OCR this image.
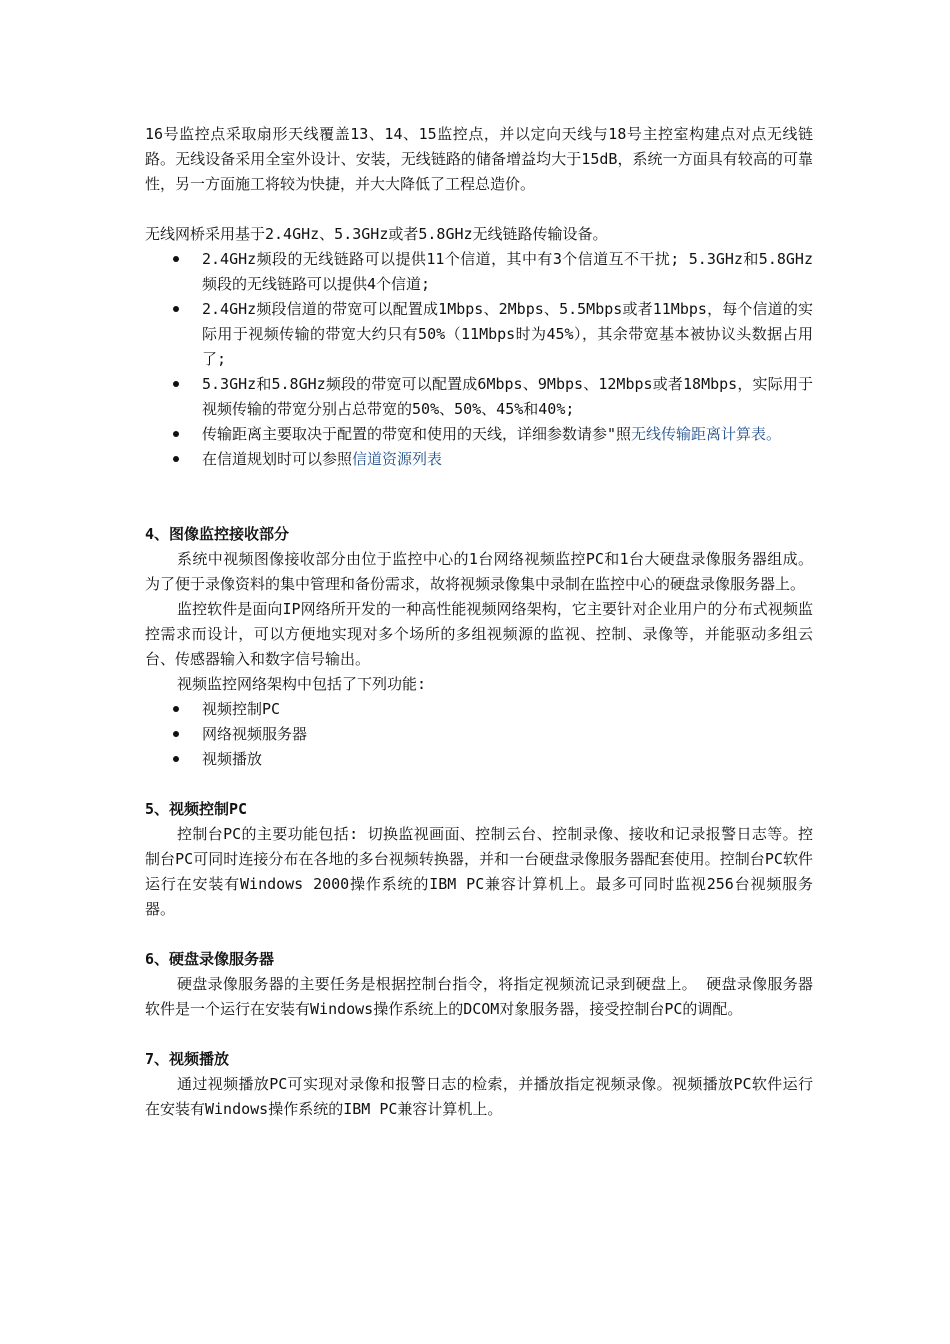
16号监控点采取扇形天线覆盖13、14、15监控点，并以定向天线与18号主控室构建点对点无线链路。无线设备采用全室外设计、安装，无线链路的储备增益均大于15dB，系统一方面具有较高的可靠性，另一方面施工将较为快捷，并大大降低了工程总造价。

无线网桥采用基于2.4GHz、5.3GHz或者5.8GHz无线链路传输设备。

2.4GHz频段的无线链路可以提供11个信道，其中有3个信道互不干扰; 5.3GHz和5.8GHz频段的无线链路可以提供4个信道;
2.4GHz频段信道的带宽可以配置成1Mbps、2Mbps、5.5Mbps或者11Mbps，每个信道的实际用于视频传输的带宽大约只有50%（11Mbps时为45%），其余带宽基本被协议头数据占用了;
5.3GHz和5.8GHz频段的带宽可以配置成6Mbps、9Mbps、12Mbps或者18Mbps，实际用于视频传输的带宽分别占总带宽的50%、50%、45%和40%;
传输距离主要取决于配置的带宽和使用的天线，详细参数请参"照无线传输距离计算表。
在信道规划时可以参照信道资源列表

4、图像监控接收部分

系统中视频图像接收部分由位于监控中心的1台网络视频监控PC和1台大硬盘录像服务器组成。为了便于录像资料的集中管理和备份需求，故将视频录像集中录制在监控中心的硬盘录像服务器上。

监控软件是面向IP网络所开发的一种高性能视频网络架构，它主要针对企业用户的分布式视频监控需求而设计，可以方便地实现对多个场所的多组视频源的监视、控制、录像等，并能驱动多组云台、传感器输入和数字信号输出。

视频监控网络架构中包括了下列功能:

视频控制PC
网络视频服务器
视频播放

5、视频控制PC

控制台PC的主要功能包括: 切换监视画面、控制云台、控制录像、接收和记录报警日志等。控制台PC可同时连接分布在各地的多台视频转换器，并和一台硬盘录像服务器配套使用。控制台PC软件运行在安装有Windows 2000操作系统的IBM PC兼容计算机上。最多可同时监视256台视频服务器。

6、硬盘录像服务器

硬盘录像服务器的主要任务是根据控制台指令，将指定视频流记录到硬盘上。 硬盘录像服务器软件是一个运行在安装有Windows操作系统上的DCOM对象服务器，接受控制台PC的调配。

7、视频播放

通过视频播放PC可实现对录像和报警日志的检索，并播放指定视频录像。视频播放PC软件运行在安装有Windows操作系统的IBM PC兼容计算机上。
